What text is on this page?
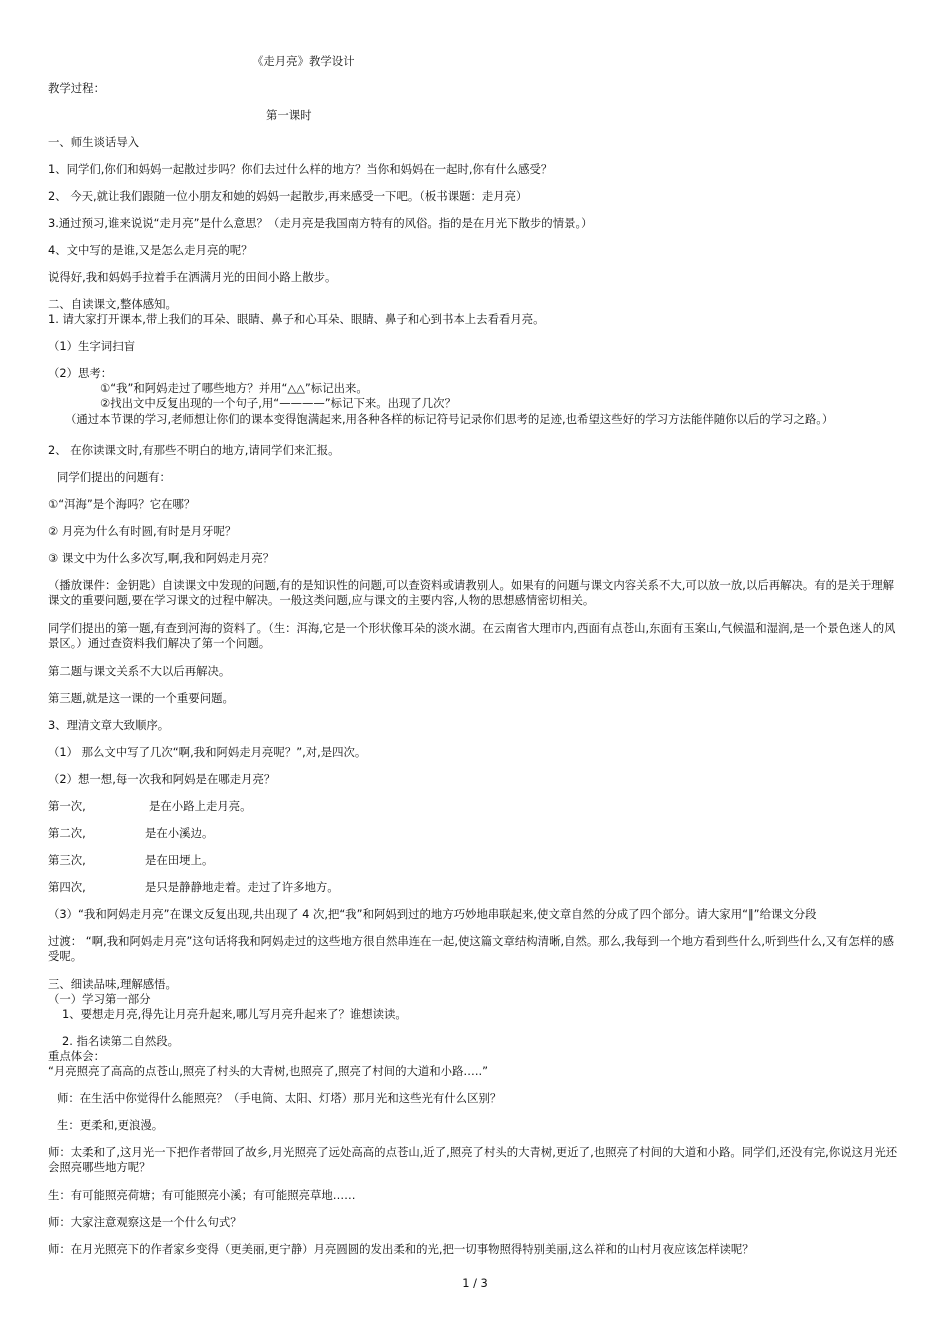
《走月亮》教学设计
教学过程：
第一课时
一、师生谈话导入
1、同学们,你们和妈妈一起散过步吗？你们去过什么样的地方？当你和妈妈在一起时,你有什么感受？
2、 今天,就让我们跟随一位小朋友和她的妈妈一起散步,再来感受一下吧。（板书课题：走月亮）
3.通过预习,谁来说说“走月亮”是什么意思？（走月亮是我国南方特有的风俗。指的是在月光下散步的情景。）
4、文中写的是谁,又是怎么走月亮的呢？
说得好,我和妈妈手拉着手在洒满月光的田间小路上散步。
二、自读课文,整体感知。
1. 请大家打开课本,带上我们的耳朵、眼睛、鼻子和心耳朵、眼睛、鼻子和心到书本上去看看月亮。
（1）生字词扫盲
（2）思考：
①“我”和阿妈走过了哪些地方？并用“△△”标记出来。
②找出文中反复出现的一个句子,用“————”标记下来。出现了几次？
（通过本节课的学习,老师想让你们的课本变得饱满起来,用各种各样的标记符号记录你们思考的足迹,也希望这些好的学习方法能伴随你以后的学习之路。）
2、 在你读课文时,有那些不明白的地方,请同学们来汇报。
同学们提出的问题有：
①“洱海”是个海吗？它在哪？
② 月亮为什么有时圆,有时是月牙呢？
③ 课文中为什么多次写,啊,我和阿妈走月亮？
（播放课件：金钥匙）自读课文中发现的问题,有的是知识性的问题,可以查资料或请教别人。如果有的问题与课文内容关系不大,可以放一放,以后再解决。有的是关于理解课文的重要问题,要在学习课文的过程中解决。一般这类问题,应与课文的主要内容,人物的思想感情密切相关。
同学们提出的第一题,有查到河海的资料了。（生：洱海,它是一个形状像耳朵的淡水湖。在云南省大理市内,西面有点苍山,东面有玉案山,气候温和湿润,是一个景色迷人的风景区。）通过查资料我们解决了第一个问题。
第二题与课文关系不大以后再解决。
第三题,就是这一课的一个重要问题。
3、理清文章大致顺序。
（1） 那么文中写了几次“啊,我和阿妈走月亮呢？”,对,是四次。
（2）想一想,每一次我和阿妈是在哪走月亮？
第一次,	是在小路上走月亮。
第二次,	是在小溪边。
第三次,	是在田埂上。
第四次,	是只是静静地走着。走过了许多地方。
（3）“我和阿妈走月亮”在课文反复出现,共出现了 4 次,把“我”和阿妈到过的地方巧妙地串联起来,使文章自然的分成了四个部分。请大家用“‖”给课文分段
过渡： “啊,我和阿妈走月亮”这句话将我和阿妈走过的这些地方很自然串连在一起,使这篇文章结构清晰,自然。那么,我每到一个地方看到些什么,听到些什么,又有怎样的感受呢。
三、细读品味,理解感悟。
（一）学习第一部分
1、要想走月亮,得先让月亮升起来,哪儿写月亮升起来了？谁想读读。
2. 指名读第二自然段。
重点体会：
“月亮照亮了高高的点苍山,照亮了村头的大青树,也照亮了,照亮了村间的大道和小路…..”
师：在生活中你觉得什么能照亮？（手电筒、太阳、灯塔）那月光和这些光有什么区别？
生：更柔和,更浪漫。
师：太柔和了,这月光一下把作者带回了故乡,月光照亮了远处高高的点苍山,近了,照亮了村头的大青树,更近了,也照亮了村间的大道和小路。同学们,还没有完,你说这月光还会照亮哪些地方呢？
生：有可能照亮荷塘；有可能照亮小溪；有可能照亮草地……
师：大家注意观察这是一个什么句式？
师：在月光照亮下的作者家乡变得（更美丽,更宁静）月亮圆圆的发出柔和的光,把一切事物照得特别美丽,这么祥和的山村月夜应该怎样读呢？
1 / 3
